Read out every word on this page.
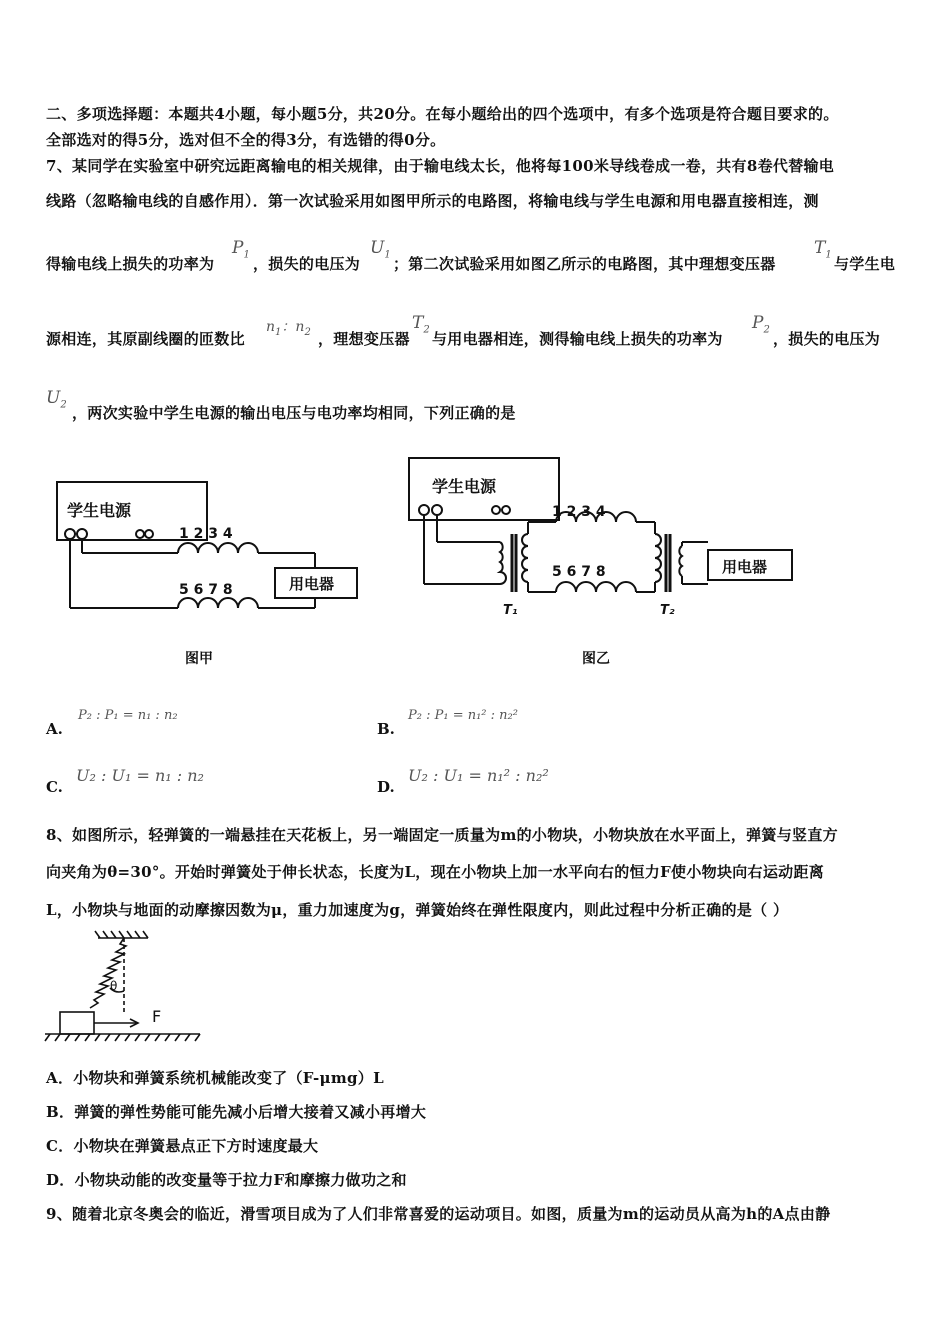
二、多项选择题：本题共4小题，每小题5分，共20分。在每小题给出的四个选项中，有多个选项是符合题目要求的。
全部选对的得5分，选对但不全的得3分，有选错的得0分。
7、某同学在实验室中研究远距离输电的相关规律，由于输电线太长，他将每100米导线卷成一卷，共有8卷代替输电
线路（忽略输电线的自感作用）．第一次试验采用如图甲所示的电路图，将输电线与学生电源和用电器直接相连，测
得输电线上损失的功率为
$P_1$
，损失的电压为
$U_1$
；第二次试验采用如图乙所示的电路图，其中理想变压器
$T_1$
与学生电
源相连，其原副线圈的匝数比
$n_1$：$n_2$ ，理想变压器
$T_2$
与用电器相连，测得输电线上损失的功率为
$P_2$
，损失的电压为
$U_2$ ，两次实验中学生电源的输出电压与电功率均相同，下列正确的是
学生电源
1 2 3 4
5 6 7 8	用电器
图甲
学生电源
1 2 3 4
5 6 7 8	用电器
T₁	T₂
图乙
A.
P₂ : P₁ = n₁ : n₂
B.
P₂ : P₁ = n₁² : n₂²
C.
U₂ : U₁ = n₁ : n₂
D.
U₂ : U₁ = n₁² : n₂²
8、如图所示，轻弹簧的一端悬挂在天花板上，另一端固定一质量为m的小物块，小物块放在水平面上，弹簧与竖直方
向夹角为θ=30°。开始时弹簧处于伸长状态，长度为L，现在小物块上加一水平向右的恒力F使小物块向右运动距离
L，小物块与地面的动摩擦因数为μ，重力加速度为g，弹簧始终在弹性限度内，则此过程中分析正确的是（ ）
θ
F
A．小物块和弹簧系统机械能改变了（F-μmg）L
B．弹簧的弹性势能可能先减小后增大接着又减小再增大
C．小物块在弹簧悬点正下方时速度最大
D．小物块动能的改变量等于拉力F和摩擦力做功之和
9、随着北京冬奥会的临近，滑雪项目成为了人们非常喜爱的运动项目。如图，质量为m的运动员从高为h的A点由静
